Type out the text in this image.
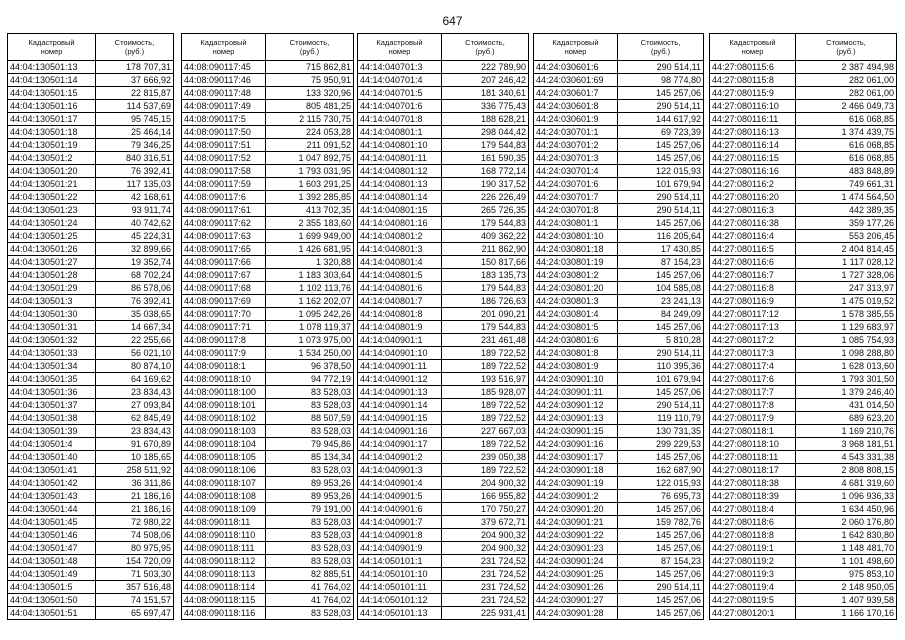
647
Кадастровый
номер	Стоимость,
(руб.)
44:04:130501:13	178 707,31
44:04:130501:14	37 666,92
44:04:130501:15	22 815,87
44:04:130501:16	114 537,69
44:04:130501:17	95 745,15
44:04:130501:18	25 464,14
44:04:130501:19	79 346,25
44:04:130501:2	840 316,51
44:04:130501:20	76 392,41
44:04:130501:21	117 135,03
44:04:130501:22	42 168,61
44:04:130501:23	93 911,74
44:04:130501:24	40 742,62
44:04:130501:25	45 224,31
44:04:130501:26	32 899,66
44:04:130501:27	19 352,74
44:04:130501:28	68 702,24
44:04:130501:29	86 578,06
44:04:130501:3	76 392,41
44:04:130501:30	35 038,65
44:04:130501:31	14 667,34
44:04:130501:32	22 255,66
44:04:130501:33	56 021,10
44:04:130501:34	80 874,10
44:04:130501:35	64 169,62
44:04:130501:36	23 834,43
44:04:130501:37	27 093,84
44:04:130501:38	62 845,49
44:04:130501:39	23 834,43
44:04:130501:4	91 670,89
44:04:130501:40	10 185,65
44:04:130501:41	258 511,92
44:04:130501:42	36 311,86
44:04:130501:43	21 186,16
44:04:130501:44	21 186,16
44:04:130501:45	72 980,22
44:04:130501:46	74 508,06
44:04:130501:47	80 975,95
44:04:130501:48	154 720,09
44:04:130501:49	71 503,30
44:04:130501:5	357 516,48
44:04:130501:50	74 151,57
44:04:130501:51	65 697,47
Кадастровый
номер	Стоимость,
(руб.)
44:08:090117:45	715 862,81
44:08:090117:46	75 950,91
44:08:090117:48	133 320,96
44:08:090117:49	805 481,25
44:08:090117:5	2 115 730,75
44:08:090117:50	224 053,28
44:08:090117:51	211 091,52
44:08:090117:52	1 047 892,75
44:08:090117:58	1 793 031,95
44:08:090117:59	1 603 291,25
44:08:090117:6	1 392 285,85
44:08:090117:61	413 702,35
44:08:090117:62	2 355 183,60
44:08:090117:63	1 699 949,00
44:08:090117:65	1 426 681,95
44:08:090117:66	1 320,88
44:08:090117:67	1 183 303,64
44:08:090117:68	1 102 113,76
44:08:090117:69	1 162 202,07
44:08:090117:70	1 095 242,26
44:08:090117:71	1 078 119,37
44:08:090117:8	1 073 975,00
44:08:090117:9	1 534 250,00
44:08:090118:1	96 378,50
44:08:090118:10	94 772,19
44:08:090118:100	83 528,03
44:08:090118:101	83 528,03
44:08:090118:102	88 507,59
44:08:090118:103	83 528,03
44:08:090118:104	79 945,86
44:08:090118:105	85 134,34
44:08:090118:106	83 528,03
44:08:090118:107	89 953,26
44:08:090118:108	89 953,26
44:08:090118:109	79 191,00
44:08:090118:11	83 528,03
44:08:090118:110	83 528,03
44:08:090118:111	83 528,03
44:08:090118:112	83 528,03
44:08:090118:113	82 885,51
44:08:090118:114	41 764,02
44:08:090118:115	41 764,02
44:08:090118:116	83 528,03
Кадастровый
номер	Стоимость,
(руб.)
44:14:040701:3	222 789,90
44:14:040701:4	207 246,42
44:14:040701:5	181 340,61
44:14:040701:6	336 775,43
44:14:040701:8	188 628,21
44:14:040801:1	298 044,42
44:14:040801:10	179 544,83
44:14:040801:11	161 590,35
44:14:040801:12	168 772,14
44:14:040801:13	190 317,52
44:14:040801:14	226 226,49
44:14:040801:15	265 726,35
44:14:040801:16	179 544,83
44:14:040801:2	409 362,22
44:14:040801:3	211 862,90
44:14:040801:4	150 817,66
44:14:040801:5	183 135,73
44:14:040801:6	179 544,83
44:14:040801:7	186 726,63
44:14:040801:8	201 090,21
44:14:040801:9	179 544,83
44:14:040901:1	231 461,48
44:14:040901:10	189 722,52
44:14:040901:11	189 722,52
44:14:040901:12	193 516,97
44:14:040901:13	185 928,07
44:14:040901:14	189 722,52
44:14:040901:15	189 722,52
44:14:040901:16	227 667,03
44:14:040901:17	189 722,52
44:14:040901:2	239 050,38
44:14:040901:3	189 722,52
44:14:040901:4	204 900,32
44:14:040901:5	166 955,82
44:14:040901:6	170 750,27
44:14:040901:7	379 672,71
44:14:040901:8	204 900,32
44:14:040901:9	204 900,32
44:14:050101:1	231 724,52
44:14:050101:10	231 724,52
44:14:050101:11	231 724,52
44:14:050101:12	231 724,52
44:14:050101:13	225 931,41
Кадастровый
номер	Стоимость,
(руб.)
44:24:030601:6	290 514,11
44:24:030601:69	98 774,80
44:24:030601:7	145 257,06
44:24:030601:8	290 514,11
44:24:030601:9	144 617,92
44:24:030701:1	69 723,39
44:24:030701:2	145 257,06
44:24:030701:3	145 257,06
44:24:030701:4	122 015,93
44:24:030701:6	101 679,94
44:24:030701:7	290 514,11
44:24:030701:8	290 514,11
44:24:030801:1	145 257,06
44:24:030801:10	116 205,64
44:24:030801:18	17 430,85
44:24:030801:19	87 154,23
44:24:030801:2	145 257,06
44:24:030801:20	104 585,08
44:24:030801:3	23 241,13
44:24:030801:4	84 249,09
44:24:030801:5	145 257,06
44:24:030801:6	5 810,28
44:24:030801:8	290 514,11
44:24:030801:9	110 395,36
44:24:030901:10	101 679,94
44:24:030901:11	145 257,06
44:24:030901:12	290 514,11
44:24:030901:13	119 110,79
44:24:030901:15	130 731,35
44:24:030901:16	299 229,53
44:24:030901:17	145 257,06
44:24:030901:18	162 687,90
44:24:030901:19	122 015,93
44:24:030901:2	76 695,73
44:24:030901:20	145 257,06
44:24:030901:21	159 782,76
44:24:030901:22	145 257,06
44:24:030901:23	145 257,06
44:24:030901:24	87 154,23
44:24:030901:25	145 257,06
44:24:030901:26	290 514,11
44:24:030901:27	145 257,06
44:24:030901:28	145 257,06
Кадастровый
номер	Стоимость,
(руб.)
44:27:080115:6	2 387 494,98
44:27:080115:8	282 061,00
44:27:080115:9	282 061,00
44:27:080116:10	2 466 049,73
44:27:080116:11	616 068,85
44:27:080116:13	1 374 439,75
44:27:080116:14	616 068,85
44:27:080116:15	616 068,85
44:27:080116:16	483 848,89
44:27:080116:2	749 661,31
44:27:080116:20	1 474 564,50
44:27:080116:3	442 389,35
44:27:080116:38	359 177,26
44:27:080116:4	553 206,45
44:27:080116:5	2 404 814,45
44:27:080116:6	1 117 028,12
44:27:080116:7	1 727 328,06
44:27:080116:8	247 313,97
44:27:080116:9	1 475 019,52
44:27:080117:12	1 578 385,55
44:27:080117:13	1 129 683,97
44:27:080117:2	1 085 754,93
44:27:080117:3	1 098 288,80
44:27:080117:4	1 628 013,60
44:27:080117:6	1 793 301,50
44:27:080117:7	1 379 246,40
44:27:080117:8	431 014,50
44:27:080117:9	689 623,20
44:27:080118:1	1 169 210,76
44:27:080118:10	3 968 181,51
44:27:080118:11	4 543 331,38
44:27:080118:17	2 808 808,15
44:27:080118:38	4 681 319,60
44:27:080118:39	1 096 936,33
44:27:080118:4	1 634 450,96
44:27:080118:6	2 060 176,80
44:27:080118:8	1 642 830,80
44:27:080119:1	1 148 481,70
44:27:080119:2	1 101 498,60
44:27:080119:3	975 853,10
44:27:080119:4	2 148 950,05
44:27:080119:5	1 407 939,58
44:27:080120:1	1 166 170,16
